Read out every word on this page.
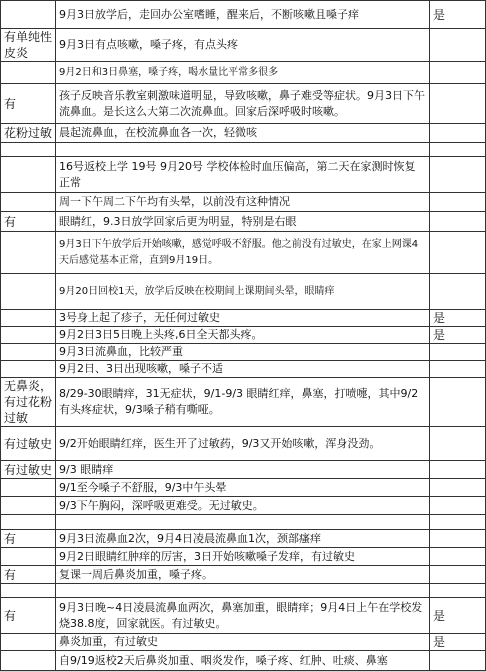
	9月3日放学后，走回办公室嗜睡，醒来后，不断咳嗽且嗓子痒	是
有单纯性皮炎	9月3日有点咳嗽，嗓子疼，有点头疼	
	9月2日和3日鼻塞，嗓子疼，喝水量比平常多很多	
有	孩子反映音乐教室刺激味道明显，导致咳嗽，鼻子难受等症状。9月3日下午流鼻血。是长这么大第二次流鼻血。回家后深呼吸时咳嗽。	
花粉过敏	晨起流鼻血，在校流鼻血各一次，轻微咳	

	16号返校上学 19号 9月20号 学校体检时血压偏高，第二天在家测时恢复正常	
	周一下午周二下午均有头晕，以前没有这种情况	
有	眼睛红，9.3日放学回家后更为明显，特别是右眼	
	9月3日下午放学后开始咳嗽，感觉呼吸不舒服。他之前没有过敏史，在家上网课4天后感觉基本正常，直到9月19日。	
	9月20日回校1天，放学后反映在校期间上课期间头晕，眼睛痒	
	3号身上起了疹子，无任何过敏史	是
	9月2日3日5日晚上头疼,6日全天都头疼。	是
	9月3日流鼻血，比较严重	
	9月2日、3日出现咳嗽，嗓子不适	
无鼻炎，有过花粉过敏	8/29-30眼睛痒，31无症状，9/1-9/3 眼睛红痒，鼻塞，打喷嚏，其中9/2有头疼症状，9/3嗓子稍有嘶哑。	
有过敏史	9/2开始眼睛红痒，医生开了过敏药，9/3又开始咳嗽，浑身没劲。	
有过敏史	9/3 眼睛痒	
	9/1至今嗓子不舒服，9/3中午头晕	
	9/3下午胸闷，深呼吸更难受。无过敏史。	

有	9月3日流鼻血2次，9月4日凌晨流鼻血1次，颈部瘙痒	
	9月2日眼睛红肿痒的厉害，3日开始咳嗽嗓子发痒，有过敏史	
有	复课一周后鼻炎加重，嗓子疼。	

有	9月3日晚~4日凌晨流鼻血两次，鼻塞加重，眼睛痒；9月4日上午在学校发烧38.8度，回家就医。有过敏史。	是
	鼻炎加重，有过敏史	是
	自9/19返校2天后鼻炎加重、咽炎发作，嗓子疼、红肿、吐痰、鼻塞	
